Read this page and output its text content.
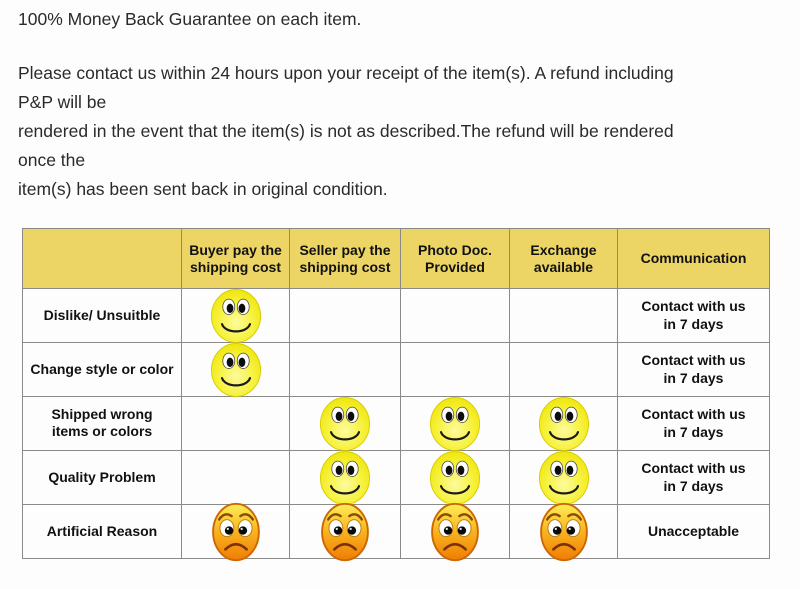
100% Money Back Guarantee on each item.
Please contact us within 24 hours upon your receipt of the item(s). A refund including
P&P will be
rendered in the event that the item(s) is not as described.The refund will be rendered
once the
item(s) has been sent back in original condition.
	Buyer pay the shipping cost	Seller pay the shipping cost	Photo Doc. Provided	Exchange available	Communication
Dislike/ Unsuitble					Contact with us in 7 days
Change style or color					Contact with us in 7 days
Shipped wrong items or colors					Contact with us in 7 days
Quality Problem					Contact with us in 7 days
Artificial Reason					Unacceptable
